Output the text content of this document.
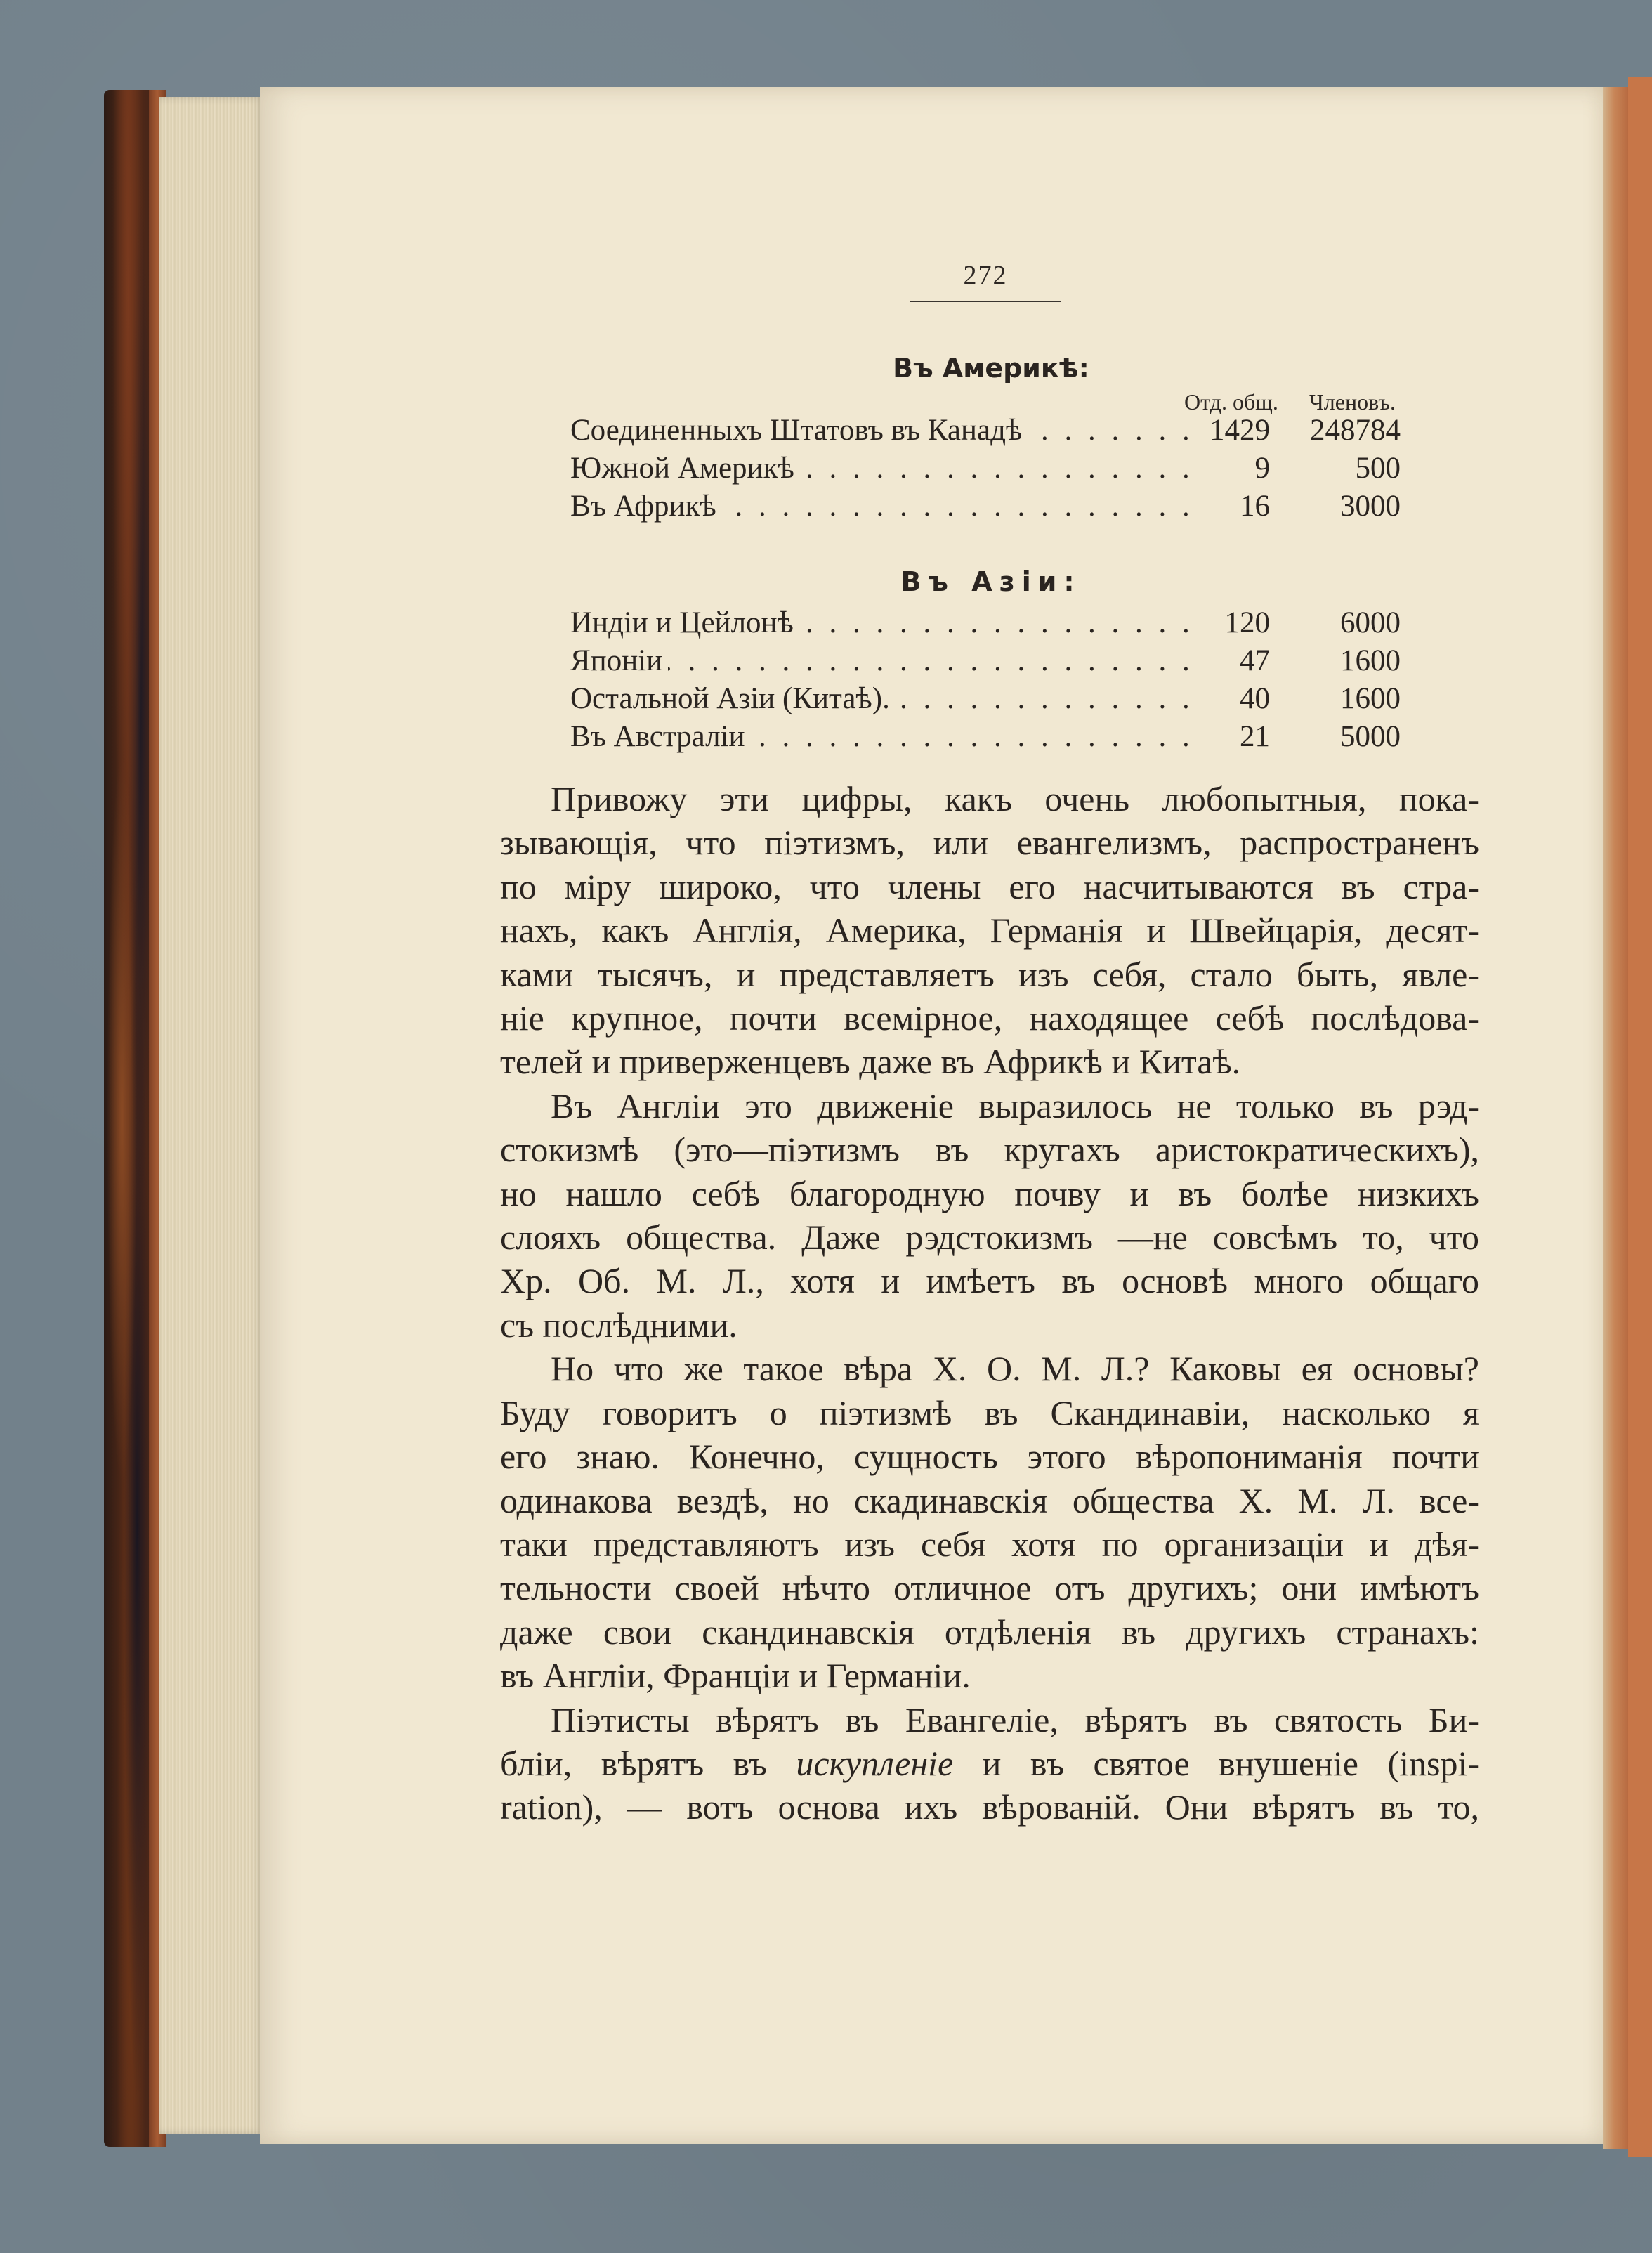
272
Въ Америкѣ:
Отд. общ. Членовъ.
Соединенныхъ Штатовъ въ Канадѣ . . .	1429	248784
Южной Америкѣ . . .	9	500
Въ Африкѣ . . .	16	3000
Въ Азіи:
Индіи и Цейлонѣ . . .	120	6000
Японіи . . .	47	1600
Остальной Азіи (Китаѣ). . . .	40	1600
Въ Австраліи . . .	21	5000

Привожу эти цифры, какъ очень любопытныя, пока-
зывающія, что піэтизмъ, или евангелизмъ, распространенъ
по міру широко, что члены его насчитываются въ стра-
нахъ, какъ Англія, Америка, Германія и Швейцарія, десят-
ками тысячъ, и представляетъ изъ себя, стало быть, явле-
ніе крупное, почти всемірное, находящее себѣ послѣдова-
телей и приверженцевъ даже въ Африкѣ и Китаѣ.

Въ Англіи это движеніе выразилось не только въ рэд-
стокизмѣ (это—піэтизмъ въ кругахъ аристократическихъ),
но нашло себѣ благородную почву и въ болѣе низкихъ
слояхъ общества. Даже рэдстокизмъ —не совсѣмъ то, что
Хр. Об. М. Л., хотя и имѣетъ въ основѣ много общаго
съ послѣдними.

Но что же такое вѣра Х. О. М. Л.? Каковы ея основы?
Буду говоритъ о піэтизмѣ въ Скандинавіи, насколько я
его знаю. Конечно, сущность этого вѣропониманія почти
одинакова вездѣ, но скадинавскія общества Х. М. Л. все-
таки представляютъ изъ себя хотя по организаціи и дѣя-
тельности своей нѣчто отличное отъ другихъ; они имѣютъ
даже свои скандинавскія отдѣленія въ другихъ странахъ:
въ Англіи, Франціи и Германіи.

Піэтисты вѣрятъ въ Евангеліе, вѣрятъ въ святость Би-
бліи, вѣрятъ въ искупленіе и въ святое внушеніе (inspi-
ration), — вотъ основа ихъ вѣрованій. Они вѣрятъ въ то,
